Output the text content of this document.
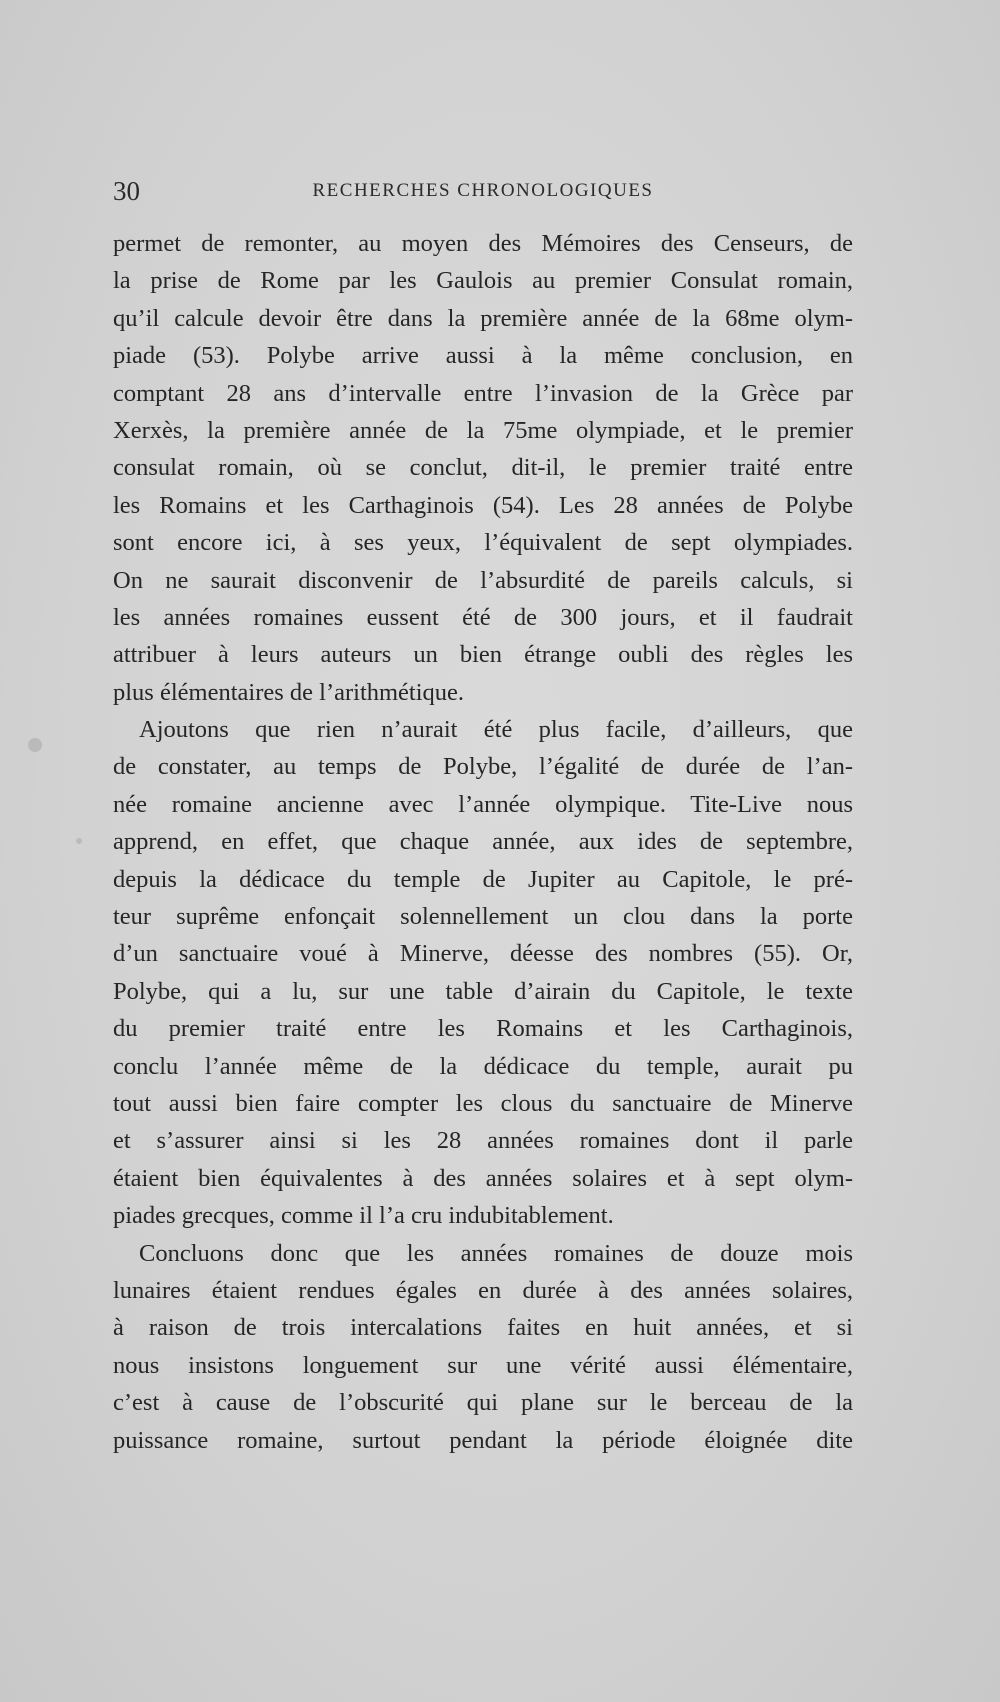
30	RECHERCHES CHRONOLOGIQUES
permet de remonter, au moyen des Mémoires des Censeurs, de
la prise de Rome par les Gaulois au premier Consulat romain,
qu’il calcule devoir être dans la première année de la 68me olym-
piade (53). Polybe arrive aussi à la même conclusion, en
comptant 28 ans d’intervalle entre l’invasion de la Grèce par
Xerxès, la première année de la 75me olympiade, et le premier
consulat romain, où se conclut, dit-il, le premier traité entre
les Romains et les Carthaginois (54). Les 28 années de Polybe
sont encore ici, à ses yeux, l’équivalent de sept olympiades.
On ne saurait disconvenir de l’absurdité de pareils calculs, si
les années romaines eussent été de 300 jours, et il faudrait
attribuer à leurs auteurs un bien étrange oubli des règles les
plus élémentaires de l’arithmétique.
Ajoutons que rien n’aurait été plus facile, d’ailleurs, que
de constater, au temps de Polybe, l’égalité de durée de l’an-
née romaine ancienne avec l’année olympique. Tite-Live nous
apprend, en effet, que chaque année, aux ides de septembre,
depuis la dédicace du temple de Jupiter au Capitole, le pré-
teur suprême enfonçait solennellement un clou dans la porte
d’un sanctuaire voué à Minerve, déesse des nombres (55). Or,
Polybe, qui a lu, sur une table d’airain du Capitole, le texte
du premier traité entre les Romains et les Carthaginois,
conclu l’année même de la dédicace du temple, aurait pu
tout aussi bien faire compter les clous du sanctuaire de Minerve
et s’assurer ainsi si les 28 années romaines dont il parle
étaient bien équivalentes à des années solaires et à sept olym-
piades grecques, comme il l’a cru indubitablement.
Concluons donc que les années romaines de douze mois
lunaires étaient rendues égales en durée à des années solaires,
à raison de trois intercalations faites en huit années, et si
nous insistons longuement sur une vérité aussi élémentaire,
c’est à cause de l’obscurité qui plane sur le berceau de la
puissance romaine, surtout pendant la période éloignée dite
